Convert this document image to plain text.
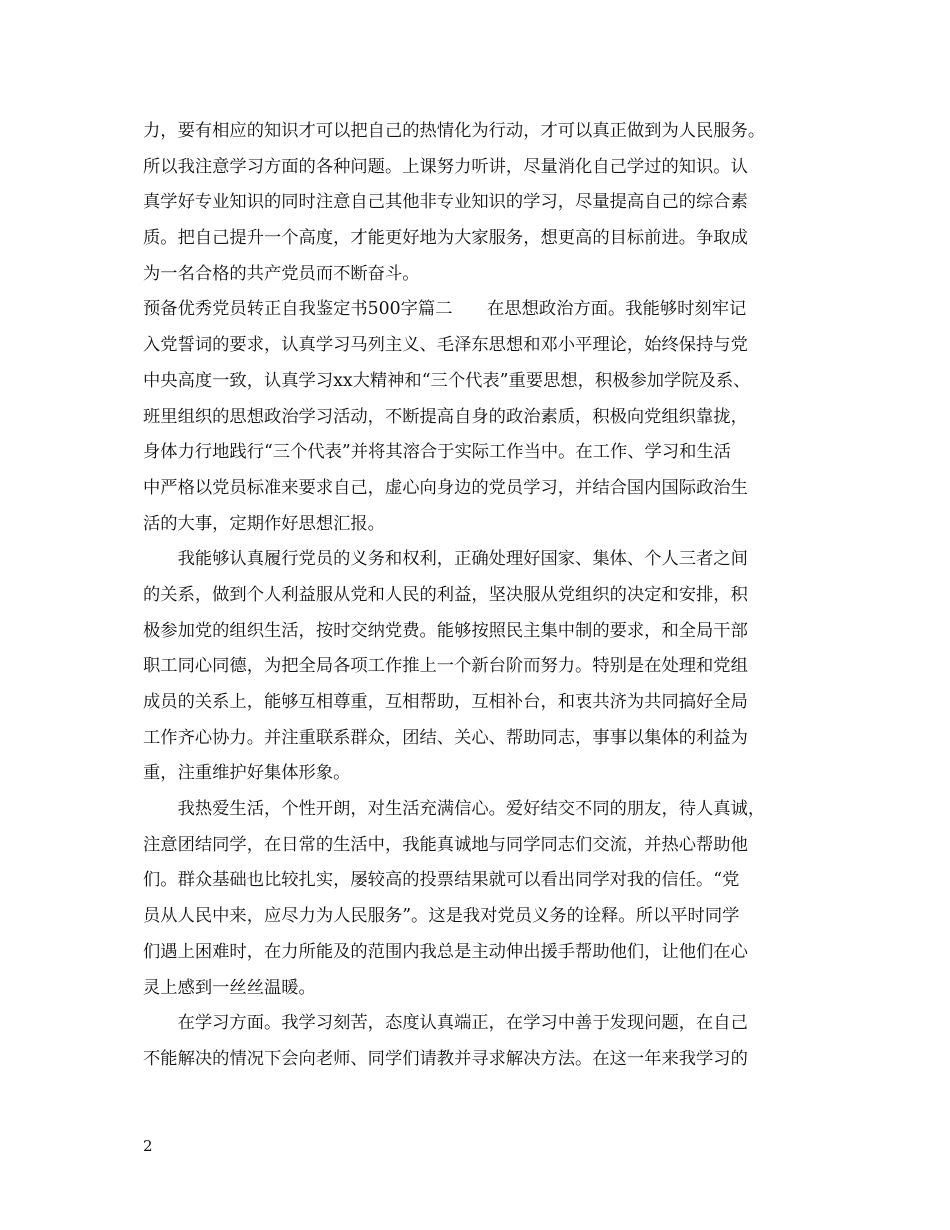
力，要有相应的知识才可以把自己的热情化为行动，才可以真正做到为人民服务。
所以我注意学习方面的各种问题。上课努力听讲，尽量消化自己学过的知识。认
真学好专业知识的同时注意自己其他非专业知识的学习，尽量提高自己的综合素
质。把自己提升一个高度，才能更好地为大家服务，想更高的目标前进。争取成
为一名合格的共产党员而不断奋斗。
预备优秀党员转正自我鉴定书500字篇二　　在思想政治方面。我能够时刻牢记
入党誓词的要求，认真学习马列主义、毛泽东思想和邓小平理论，始终保持与党
中央高度一致，认真学习xx大精神和“三个代表”重要思想，积极参加学院及系、
班里组织的思想政治学习活动，不断提高自身的政治素质，积极向党组织靠拢，
身体力行地践行“三个代表”并将其溶合于实际工作当中。在工作、学习和生活
中严格以党员标准来要求自己，虚心向身边的党员学习，并结合国内国际政治生
活的大事，定期作好思想汇报。
　　我能够认真履行党员的义务和权利，正确处理好国家、集体、个人三者之间
的关系，做到个人利益服从党和人民的利益，坚决服从党组织的决定和安排，积
极参加党的组织生活，按时交纳党费。能够按照民主集中制的要求，和全局干部
职工同心同德，为把全局各项工作推上一个新台阶而努力。特别是在处理和党组
成员的关系上，能够互相尊重，互相帮助，互相补台，和衷共济为共同搞好全局
工作齐心协力。并注重联系群众，团结、关心、帮助同志，事事以集体的利益为
重，注重维护好集体形象。
　　我热爱生活，个性开朗，对生活充满信心。爱好结交不同的朋友，待人真诚，
注意团结同学，在日常的生活中，我能真诚地与同学同志们交流，并热心帮助他
们。群众基础也比较扎实，屡较高的投票结果就可以看出同学对我的信任。“党
员从人民中来，应尽力为人民服务”。这是我对党员义务的诠释。所以平时同学
们遇上困难时，在力所能及的范围内我总是主动伸出援手帮助他们，让他们在心
灵上感到一丝丝温暖。
　　在学习方面。我学习刻苦，态度认真端正，在学习中善于发现问题，在自己
不能解决的情况下会向老师、同学们请教并寻求解决方法。在这一年来我学习的
2
